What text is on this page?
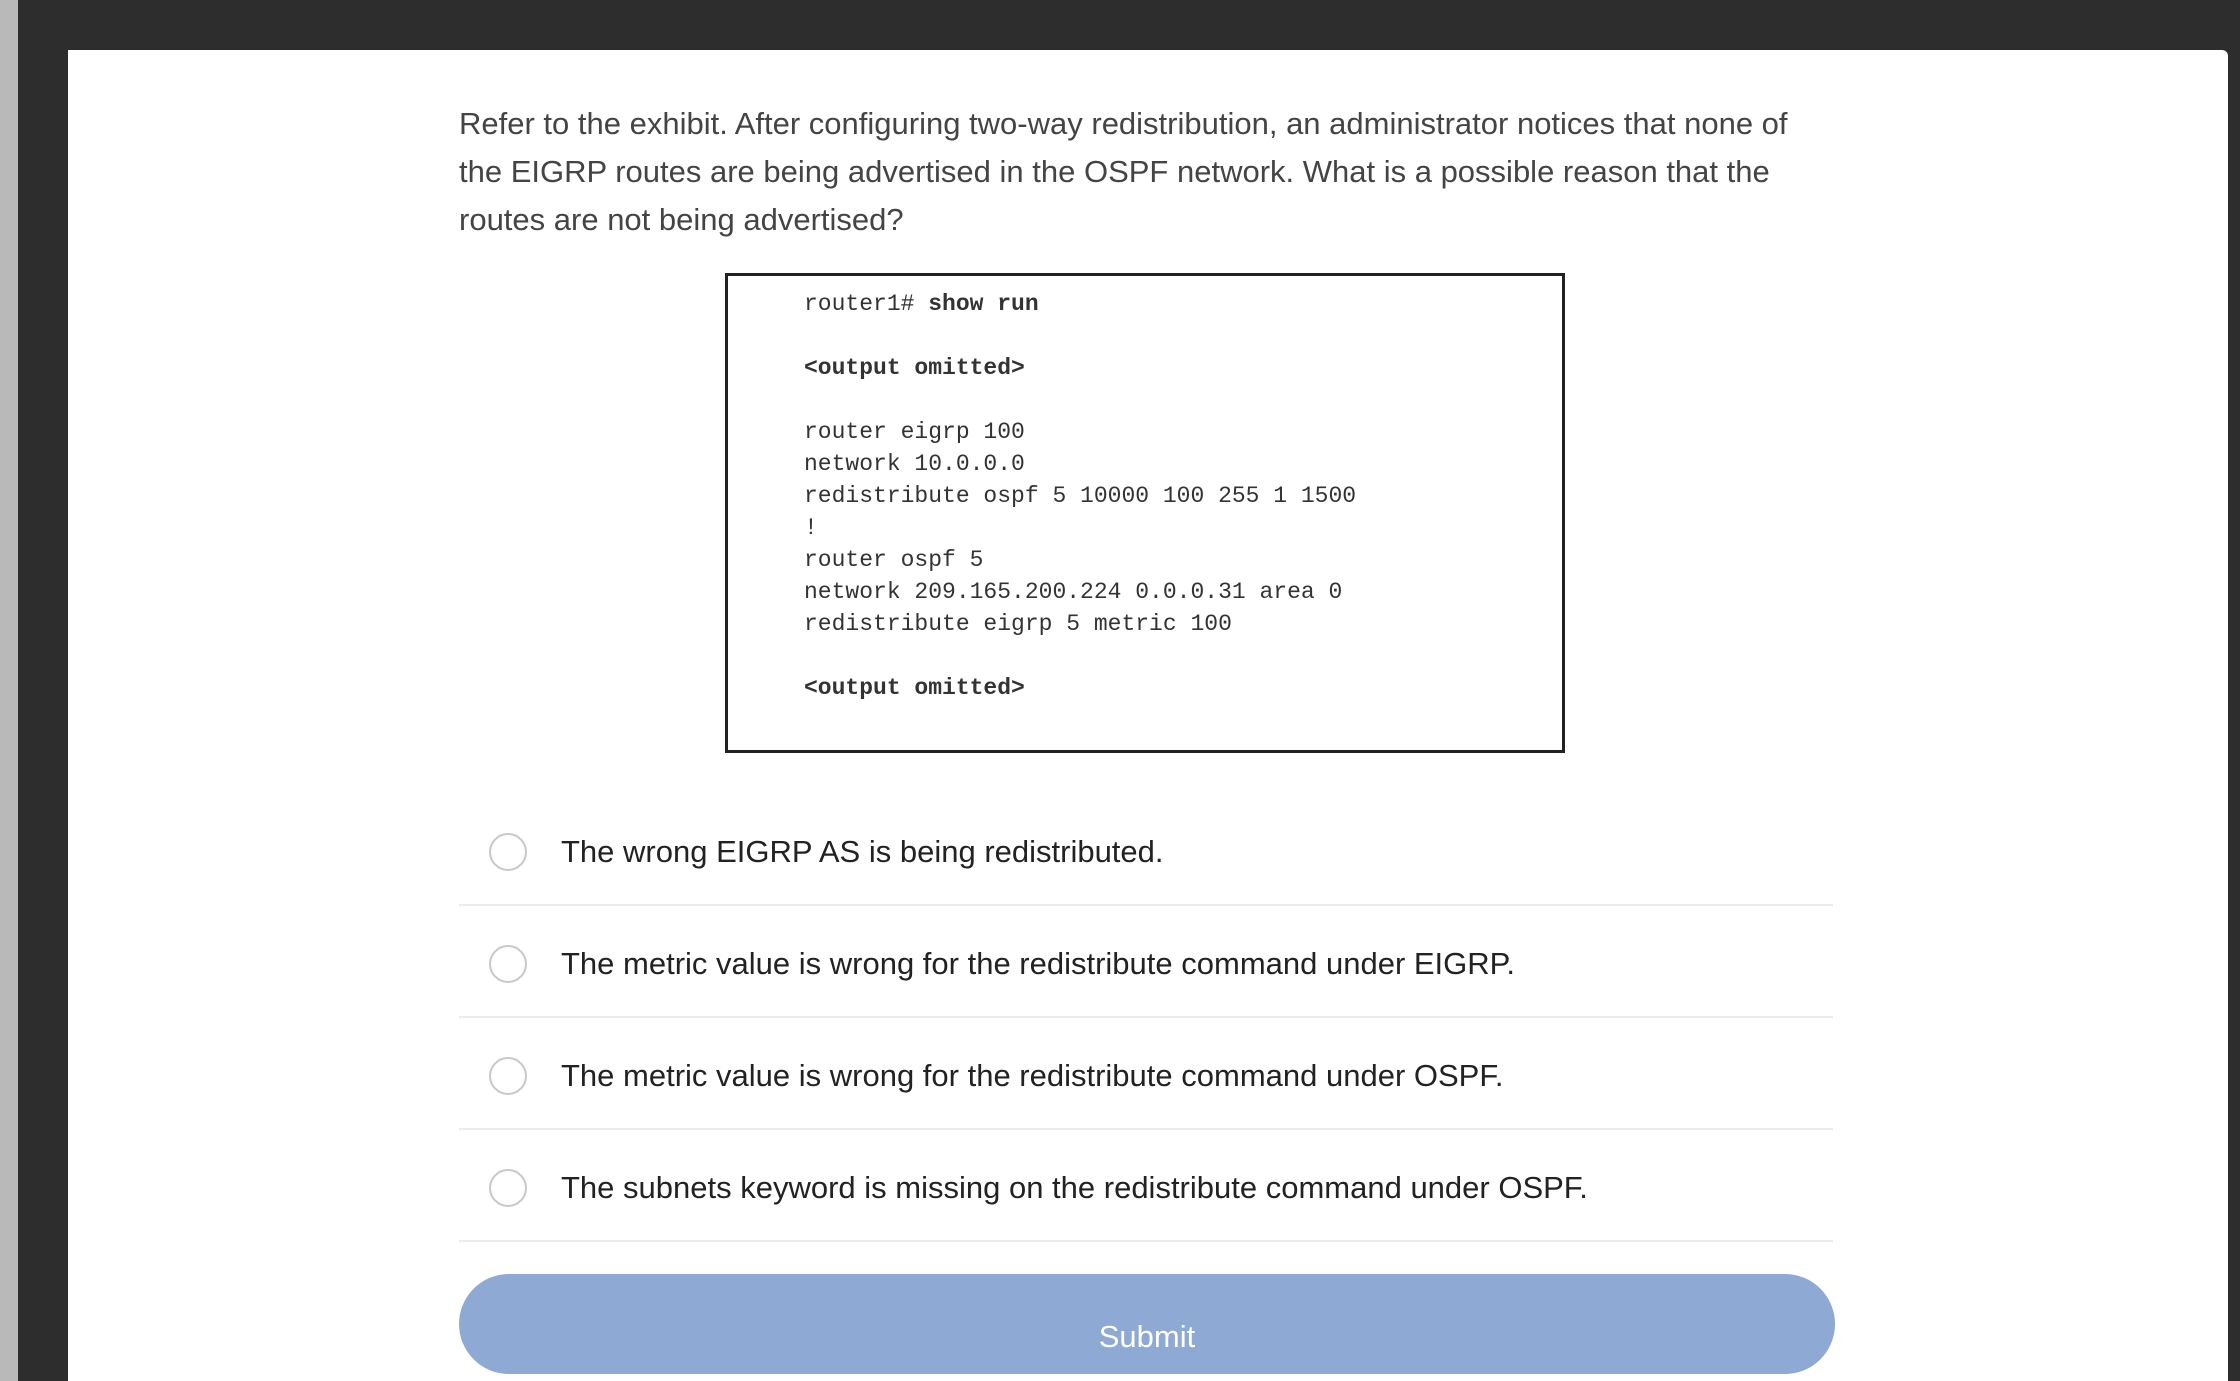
Refer to the exhibit. After configuring two-way redistribution, an administrator notices that none of the EIGRP routes are being advertised in the OSPF network. What is a possible reason that the routes are not being advertised?

router1# show run

<output omitted>

router eigrp 100
network 10.0.0.0
redistribute ospf 5 10000 100 255 1 1500
!
router ospf 5
network 209.165.200.224 0.0.0.31 area 0
redistribute eigrp 5 metric 100

<output omitted>
The wrong EIGRP AS is being redistributed.
The metric value is wrong for the redistribute command under EIGRP.
The metric value is wrong for the redistribute command under OSPF.
The subnets keyword is missing on the redistribute command under OSPF.
Submit
